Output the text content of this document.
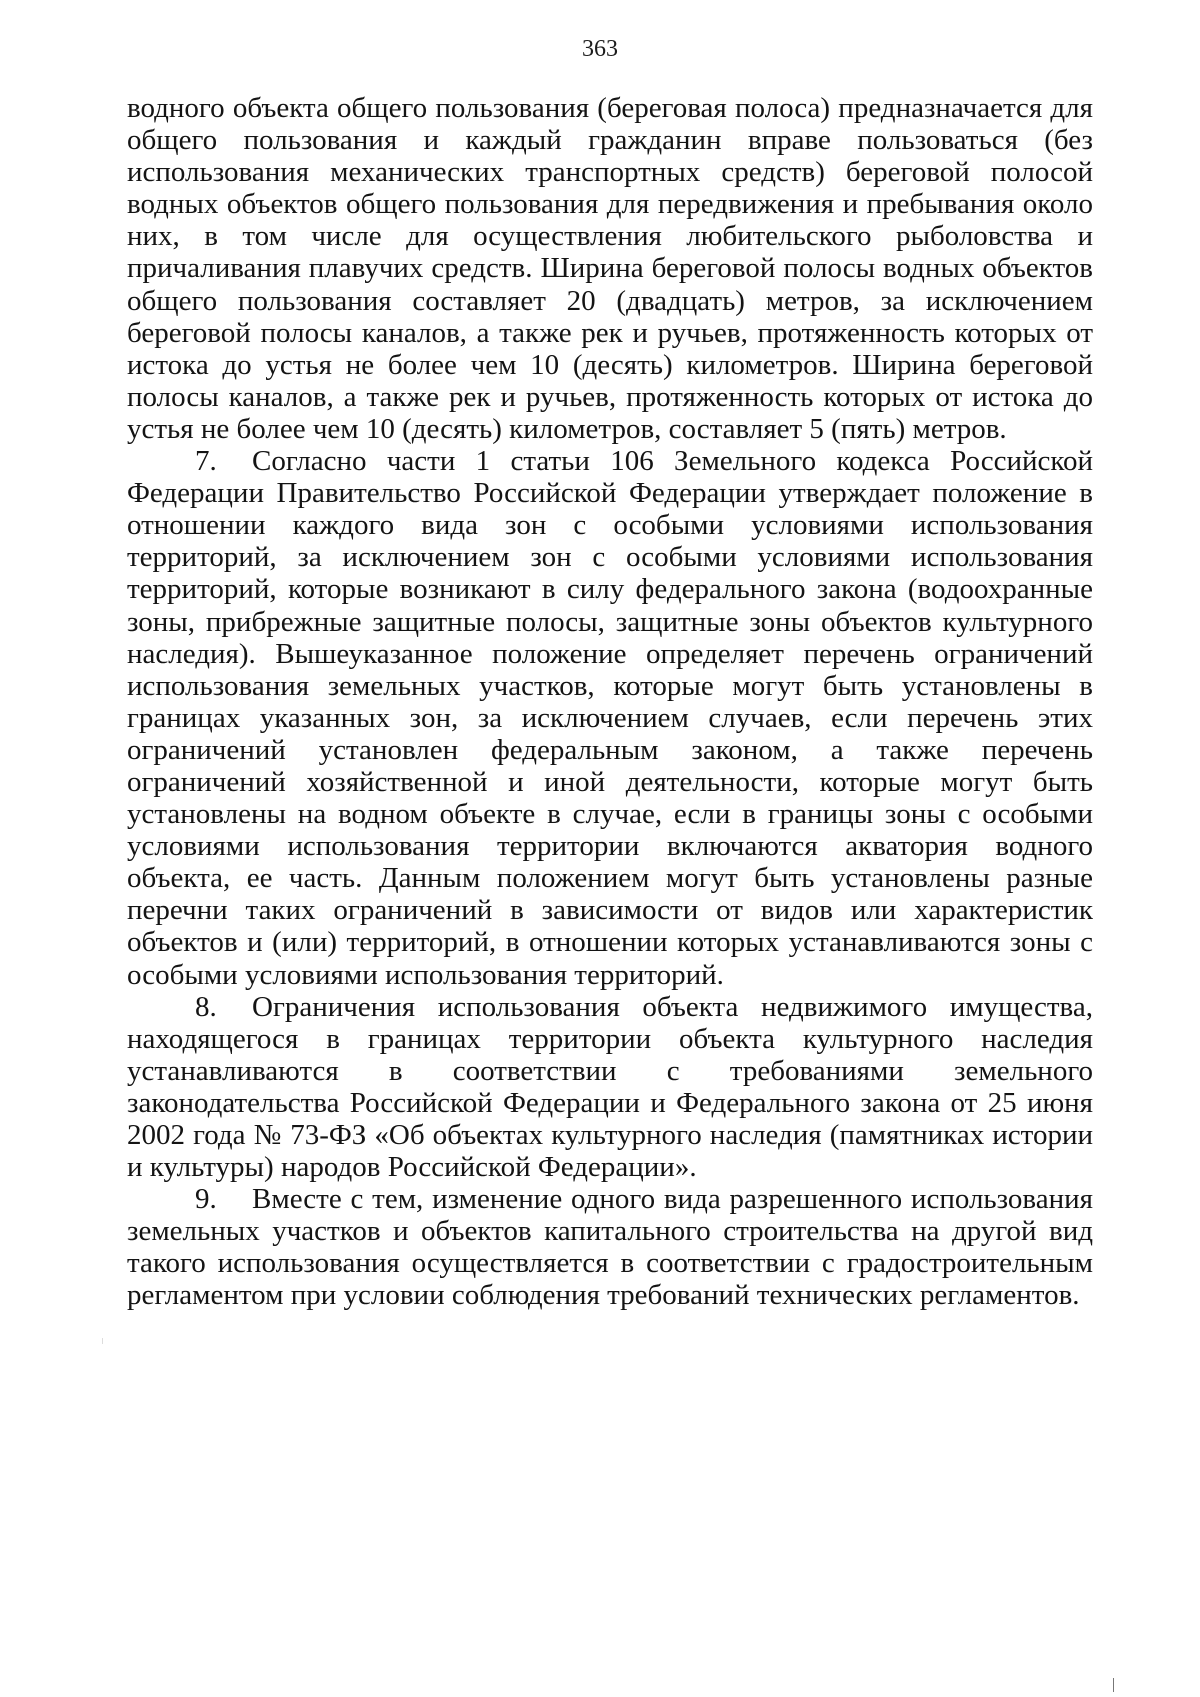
363

водного объекта общего пользования (береговая полоса) предназначается для общего пользования и каждый гражданин вправе пользоваться (без использования механических транспортных средств) береговой полосой водных объектов общего пользования для передвижения и пребывания около них, в том числе для осуществления любительского рыболовства и причаливания плавучих средств. Ширина береговой полосы водных объектов общего пользования составляет 20 (двадцать) метров, за исключением береговой полосы каналов, а также рек и ручьев, протяженность которых от истока до устья не более чем 10 (десять) километров. Ширина береговой полосы каналов, а также рек и ручьев, протяженность которых от истока до устья не более чем 10 (десять) километров, составляет 5 (пять) метров.

7. Согласно части 1 статьи 106 Земельного кодекса Российской Федерации Правительство Российской Федерации утверждает положение в отношении каждого вида зон с особыми условиями использования территорий, за исключением зон с особыми условиями использования территорий, которые возникают в силу федерального закона (водоохранные зоны, прибрежные защитные полосы, защитные зоны объектов культурного наследия). Вышеуказанное положение определяет перечень ограничений использования земельных участков, которые могут быть установлены в границах указанных зон, за исключением случаев, если перечень этих ограничений установлен федеральным законом, а также перечень ограничений хозяйственной и иной деятельности, которые могут быть установлены на водном объекте в случае, если в границы зоны с особыми условиями использования территории включаются акватория водного объекта, ее часть. Данным положением могут быть установлены разные перечни таких ограничений в зависимости от видов или характеристик объектов и (или) территорий, в отношении которых устанавливаются зоны с особыми условиями использования территорий.

8. Ограничения использования объекта недвижимого имущества, находящегося в границах территории объекта культурного наследия устанавливаются в соответствии с требованиями земельного законодательства Российской Федерации и Федерального закона от 25 июня 2002 года № 73-ФЗ «Об объектах культурного наследия (памятниках истории и культуры) народов Российской Федерации».

9. Вместе с тем, изменение одного вида разрешенного использования земельных участков и объектов капитального строительства на другой вид такого использования осуществляется в соответствии с градостроительным регламентом при условии соблюдения требований технических регламентов.
